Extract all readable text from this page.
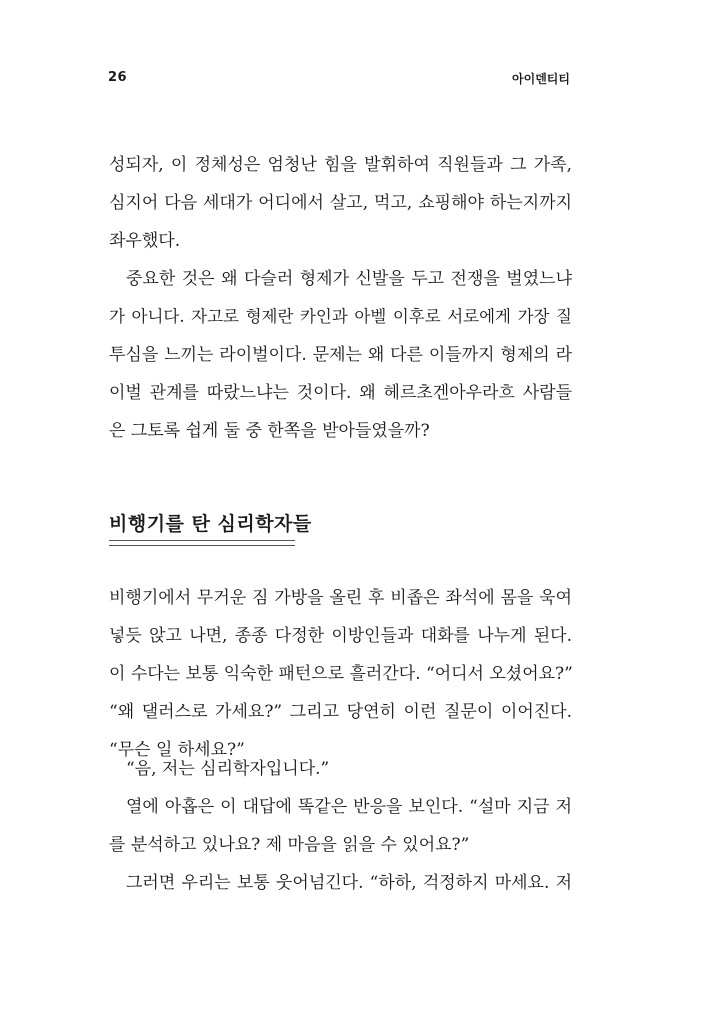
26	아이덴티티
성되자, 이 정체성은 엄청난 힘을 발휘하여 직원들과 그 가족,
심지어 다음 세대가 어디에서 살고, 먹고, 쇼핑해야 하는지까지
좌우했다.
중요한 것은 왜 다슬러 형제가 신발을 두고 전쟁을 벌였느냐
가 아니다. 자고로 형제란 카인과 아벨 이후로 서로에게 가장 질
투심을 느끼는 라이벌이다. 문제는 왜 다른 이들까지 형제의 라
이벌 관계를 따랐느냐는 것이다. 왜 헤르초겐아우라흐 사람들
은 그토록 쉽게 둘 중 한쪽을 받아들였을까?
비행기를 탄 심리학자들
비행기에서 무거운 짐 가방을 올린 후 비좁은 좌석에 몸을 욱여
넣듯 앉고 나면, 종종 다정한 이방인들과 대화를 나누게 된다.
이 수다는 보통 익숙한 패턴으로 흘러간다. “어디서 오셨어요?”
“왜 댈러스로 가세요?” 그리고 당연히 이런 질문이 이어진다.
“무슨 일 하세요?”
“음, 저는 심리학자입니다.”
열에 아홉은 이 대답에 똑같은 반응을 보인다. “설마 지금 저
를 분석하고 있나요? 제 마음을 읽을 수 있어요?”
그러면 우리는 보통 웃어넘긴다. “하하, 걱정하지 마세요. 저
